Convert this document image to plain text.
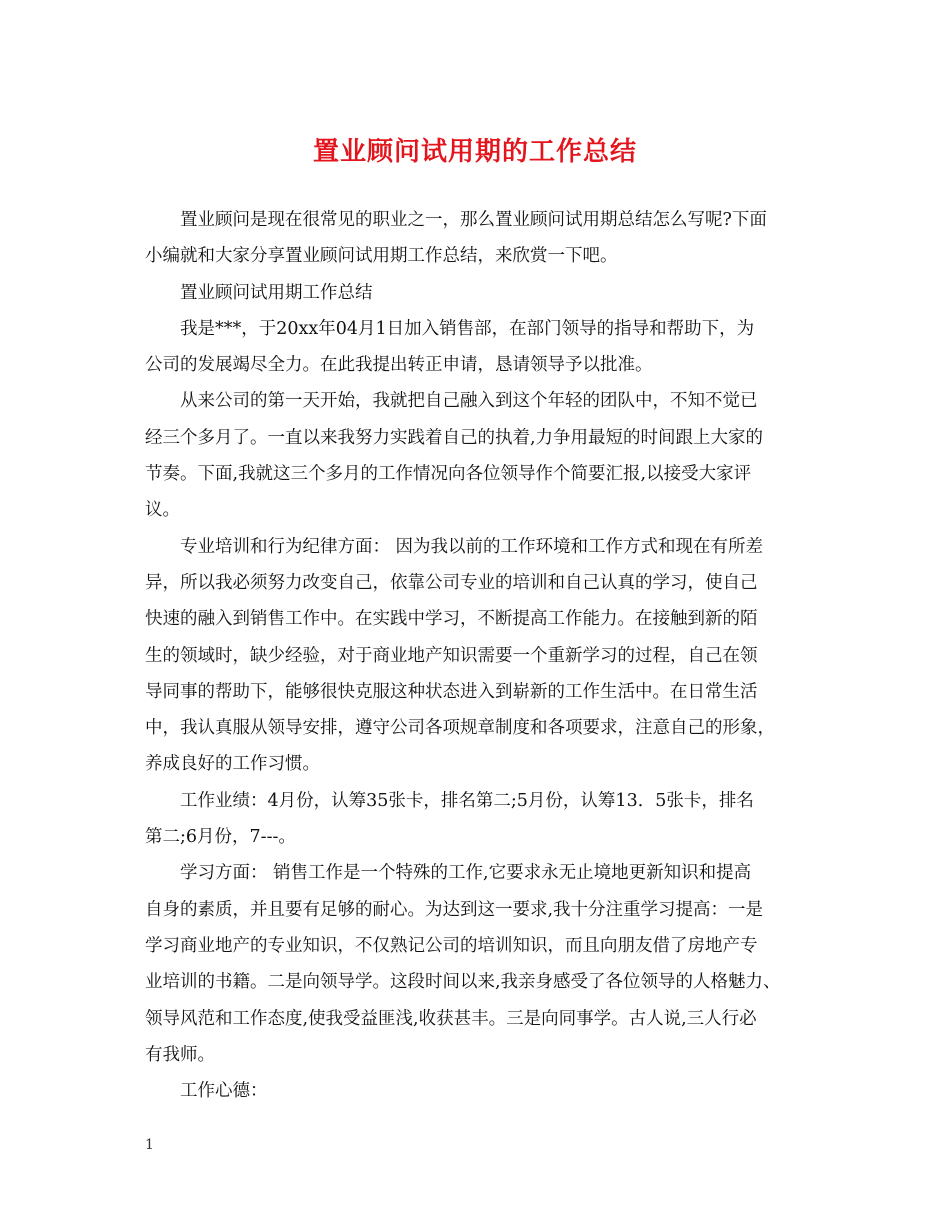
置业顾问试用期的工作总结
置业顾问是现在很常见的职业之一，那么置业顾问试用期总结怎么写呢?下面
小编就和大家分享置业顾问试用期工作总结，来欣赏一下吧。
置业顾问试用期工作总结
我是***，于20xx年04月1日加入销售部，在部门领导的指导和帮助下，为
公司的发展竭尽全力。在此我提出转正申请，恳请领导予以批准。
从来公司的第一天开始，我就把自己融入到这个年轻的团队中，不知不觉已
经三个多月了。一直以来我努力实践着自己的执着,力争用最短的时间跟上大家的
节奏。下面,我就这三个多月的工作情况向各位领导作个简要汇报,以接受大家评
议。
专业培训和行为纪律方面： 因为我以前的工作环境和工作方式和现在有所差
异，所以我必须努力改变自己，依靠公司专业的培训和自己认真的学习，使自己
快速的融入到销售工作中。在实践中学习，不断提高工作能力。在接触到新的陌
生的领域时，缺少经验，对于商业地产知识需要一个重新学习的过程，自己在领
导同事的帮助下，能够很快克服这种状态进入到崭新的工作生活中。在日常生活
中，我认真服从领导安排，遵守公司各项规章制度和各项要求，注意自己的形象，
养成良好的工作习惯。
工作业绩：4月份，认筹35张卡，排名第二;5月份，认筹13．5张卡，排名
第二;6月份，7---。
学习方面： 销售工作是一个特殊的工作,它要求永无止境地更新知识和提高
自身的素质，并且要有足够的耐心。为达到这一要求,我十分注重学习提高：一是
学习商业地产的专业知识，不仅熟记公司的培训知识，而且向朋友借了房地产专
业培训的书籍。二是向领导学。这段时间以来,我亲身感受了各位领导的人格魅力、
领导风范和工作态度,使我受益匪浅,收获甚丰。三是向同事学。古人说,三人行必
有我师。
工作心德：
1
